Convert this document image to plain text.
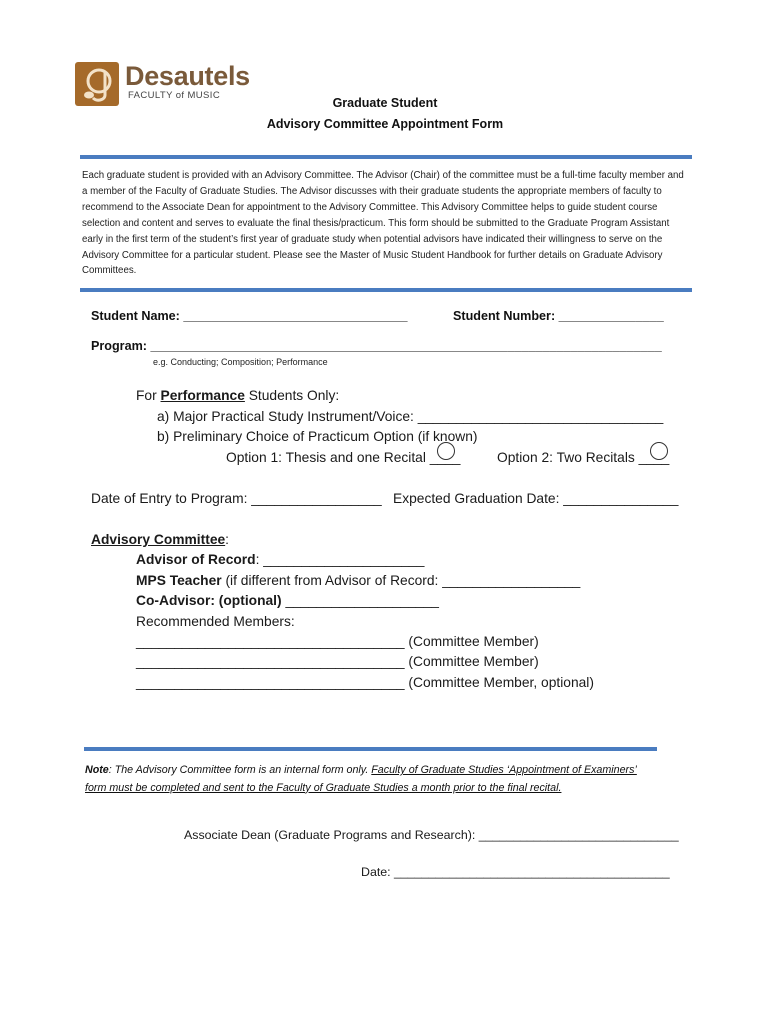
Desautels
FACULTY of MUSIC
Graduate Student
Advisory Committee Appointment Form
Each graduate student is provided with an Advisory Committee. The Advisor (Chair) of the committee must be a full-time faculty member and a member of the Faculty of Graduate Studies. The Advisor discusses with their graduate students the appropriate members of faculty to recommend to the Associate Dean for appointment to the Advisory Committee. This Advisory Committee helps to guide student course selection and content and serves to evaluate the final thesis/practicum. This form should be submitted to the Graduate Program Assistant early in the first term of the student’s first year of graduate study when potential advisors have indicated their willingness to serve on the Advisory Committee for a particular student. Please see the Master of Music Student Handbook for further details on Graduate Advisory Committees.
Student Name: ________________________________	Student Number: _______________
Program: _________________________________________________________________________
e.g. Conducting; Composition; Performance
For Performance Students Only:
a) Major Practical Study Instrument/Voice: ________________________________
b) Preliminary Choice of Practicum Option (if known)
Option 1: Thesis and one Recital ____	Option 2: Two Recitals ____
Date of Entry to Program: _________________ Expected Graduation Date: _______________
Advisory Committee:
Advisor of Record: _____________________
MPS Teacher (if different from Advisor of Record: __________________
Co-Advisor: (optional) ____________________
Recommended Members:
___________________________________ (Committee Member)
___________________________________ (Committee Member)
___________________________________ (Committee Member, optional)
Note: The Advisory Committee form is an internal form only. Faculty of Graduate Studies ‘Appointment of Examiners’ form must be completed and sent to the Faculty of Graduate Studies a month prior to the final recital.
Associate Dean (Graduate Programs and Research): _____________________________
Date: ________________________________________
